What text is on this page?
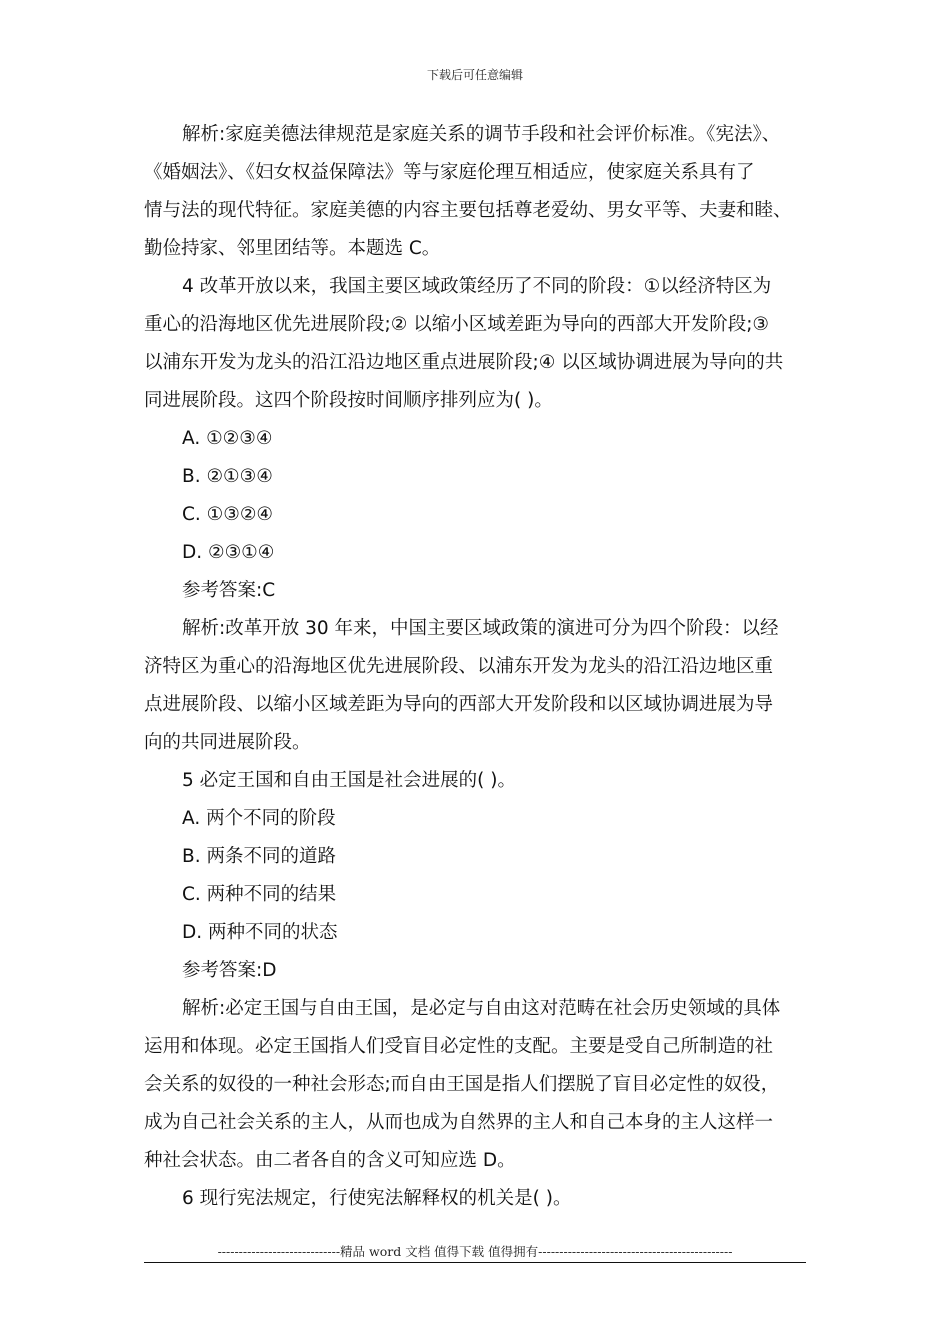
下载后可任意编辑
解析:家庭美德法律规范是家庭关系的调节手段和社会评价标准。《宪法》、
《婚姻法》、《妇女权益保障法》等与家庭伦理互相适应，使家庭关系具有了
情与法的现代特征。家庭美德的内容主要包括尊老爱幼、男女平等、夫妻和睦、
勤俭持家、邻里团结等。本题选 C。
4 改革开放以来，我国主要区域政策经历了不同的阶段：①以经济特区为
重心的沿海地区优先进展阶段;② 以缩小区域差距为导向的西部大开发阶段;③
以浦东开发为龙头的沿江沿边地区重点进展阶段;④ 以区域协调进展为导向的共
同进展阶段。这四个阶段按时间顺序排列应为( )。
A. ①②③④
B. ②①③④
C. ①③②④
D. ②③①④
参考答案:C
解析:改革开放 30 年来，中国主要区域政策的演进可分为四个阶段：以经
济特区为重心的沿海地区优先进展阶段、以浦东开发为龙头的沿江沿边地区重
点进展阶段、以缩小区域差距为导向的西部大开发阶段和以区域协调进展为导
向的共同进展阶段。
5 必定王国和自由王国是社会进展的( )。
A. 两个不同的阶段
B. 两条不同的道路
C. 两种不同的结果
D. 两种不同的状态
参考答案:D
解析:必定王国与自由王国，是必定与自由这对范畴在社会历史领域的具体
运用和体现。必定王国指人们受盲目必定性的支配。主要是受自己所制造的社
会关系的奴役的一种社会形态;而自由王国是指人们摆脱了盲目必定性的奴役，
成为自己社会关系的主人，从而也成为自然界的主人和自己本身的主人这样一
种社会状态。由二者各自的含义可知应选 D。
6 现行宪法规定，行使宪法解释权的机关是( )。
-----------------------------精品 word 文档 值得下载 值得拥有----------------------------------------------
